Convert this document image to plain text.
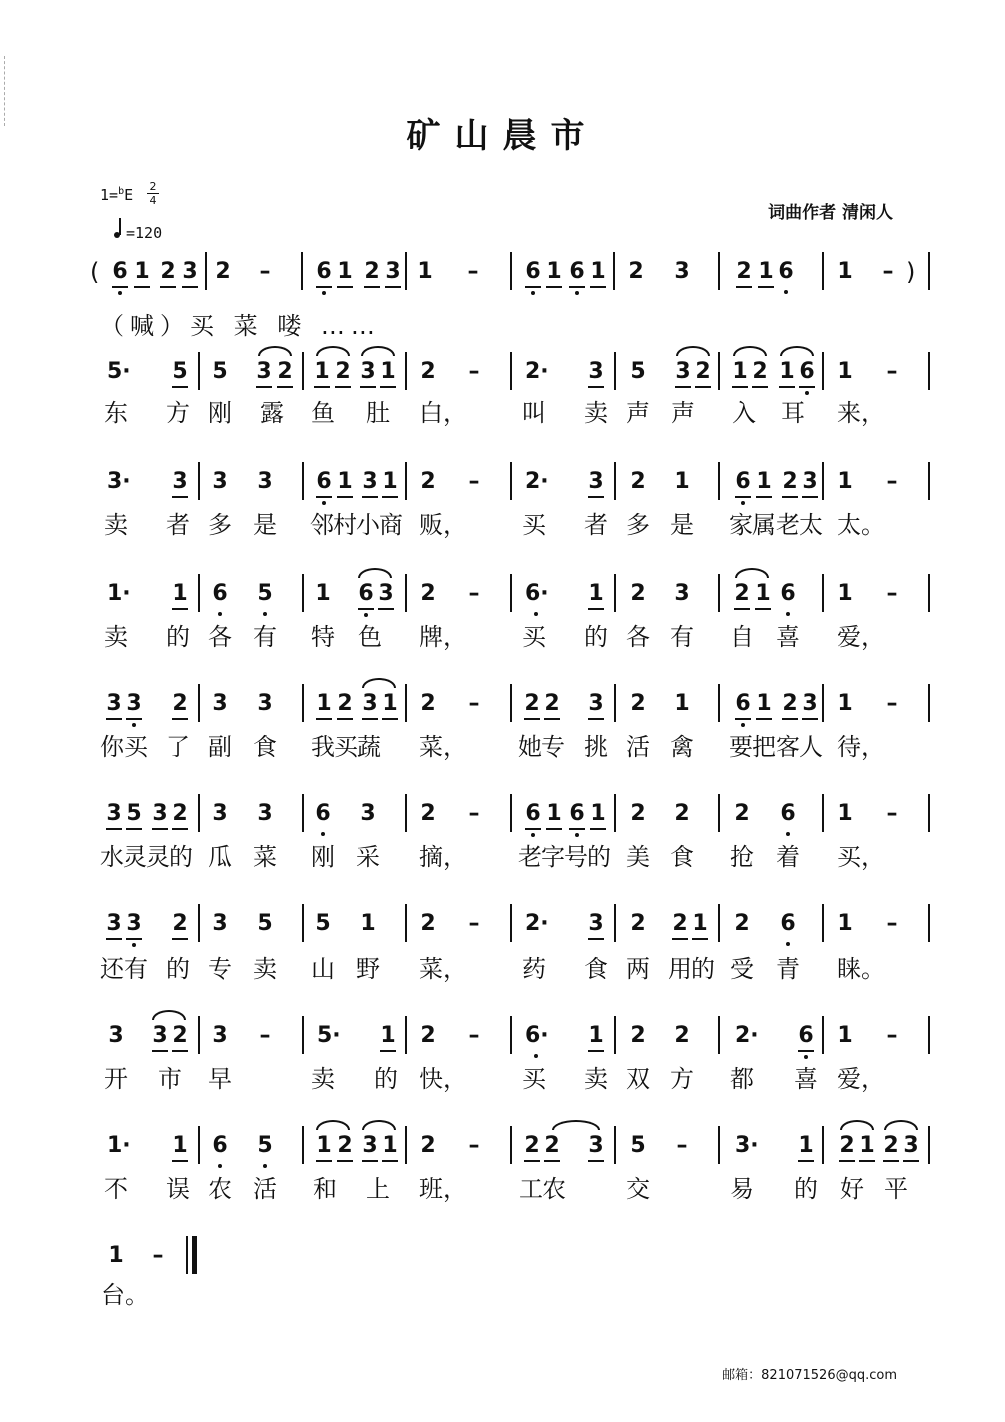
矿山晨市
1=$^b$E 2
4
=120
词曲作者 清闲人
( 6 1 2 3 2 – 6 1 2 3 1 – 6 1 6 1 2 3 2 1 6 1 – )
（喊）买 菜 喽 ……
5· 5 5 3 2 1 2 3 1 2 – 2· 3 5 3 2 1 2 1 6 1 –
东 方 刚 露 鱼 肚 白， 叫 卖 声 声 入 耳 来，
3· 3 3 3 6 1 3 1 2 – 2· 3 2 1 6 1 2 3 1 –
卖 者 多 是 邻 村 小 商 贩， 买 者 多 是 家 属 老 太 太。
1· 1 6 5 1 6 3 2 – 6· 1 2 3 2 1 6 1 –
卖 的 各 有 特 色 牌， 买 的 各 有 自 喜 爱，
3 3 2 3 3 1 2 3 1 2 – 2 2 3 2 1 6 1 2 3 1 –
你 买 了 副 食 我 买 蔬 菜， 她 专 挑 活 禽 要 把 客 人 待，
3 5 3 2 3 3 6 3 2 – 6 1 6 1 2 2 2 6 1 –
水 灵 灵 的 瓜 菜 刚 采 摘， 老 字 号 的 美 食 抢 着 买，
3 3 2 3 5 5 1 2 – 2· 3 2 2 1 2 6 1 –
还 有 的 专 卖 山 野 菜， 药 食 两 用 的 受 青 睐。
3 3 2 3 – 5· 1 2 – 6· 1 2 2 2· 6 1 –
开 市 早	卖 的 快， 买 卖 双 方 都 喜 爱，
1· 1 6 5 1 2 3 1 2 – 2 2 3 5 – 3· 1 2 1 2 3
不 误 农 活 和 上 班， 工 农	交	易 的 好 平
1 –
台。
邮箱：821071526@qq.com
